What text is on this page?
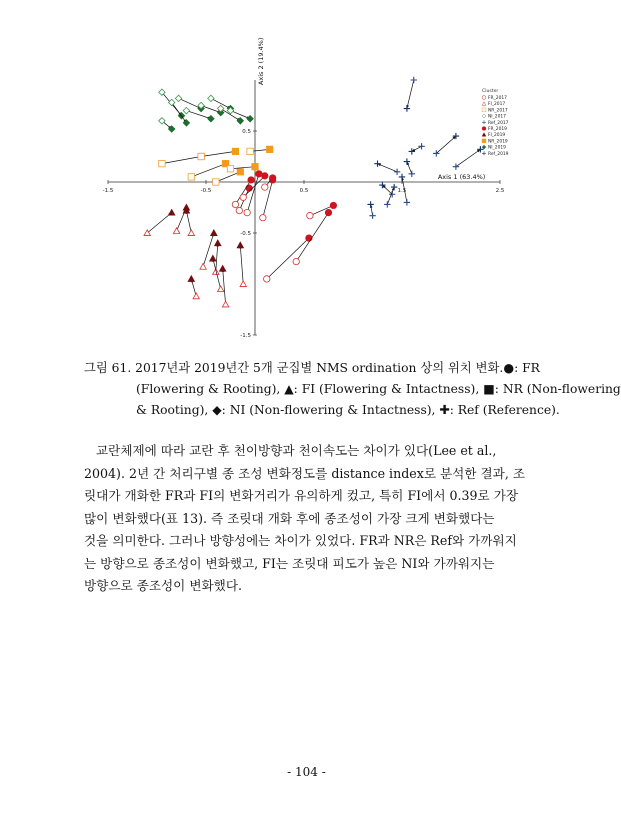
-1.5	-0.5	0.5	1.5	2.5
0.5
-0.5
-1.5
Axis 1 (63.4%)
Axis 2 (19.4%)
Cluster
FR_2017
FI_2017
NR_2017
NI_2017
Ref_2017
FR_2019
FI_2019
NR_2019
NI_2019
Ref_2019
그림 61. 2017년과 2019년간 5개 군집별 NMS ordination 상의 위치 변화.●: FR
(Flowering & Rooting), ▲: FI (Flowering & Intactness), ■: NR (Non-flowering
& Rooting), ◆: NI (Non-flowering & Intactness), ✚: Ref (Reference).
교란체제에 따라 교란 후 천이방향과 천이속도는 차이가 있다(Lee et al.,
2004). 2년 간 처리구별 종 조성 변화정도를 distance index로 분석한 결과, 조
릿대가 개화한 FR과 FI의 변화거리가 유의하게 컸고, 특히 FI에서 0.39로 가장
많이 변화했다(표 13). 즉 조릿대 개화 후에 종조성이 가장 크게 변화했다는
것을 의미한다. 그러나 방향성에는 차이가 있었다. FR과 NR은 Ref와 가까워지
는 방향으로 종조성이 변화했고, FI는 조릿대 피도가 높은 NI와 가까워지는
방향으로 종조성이 변화했다.
- 104 -
